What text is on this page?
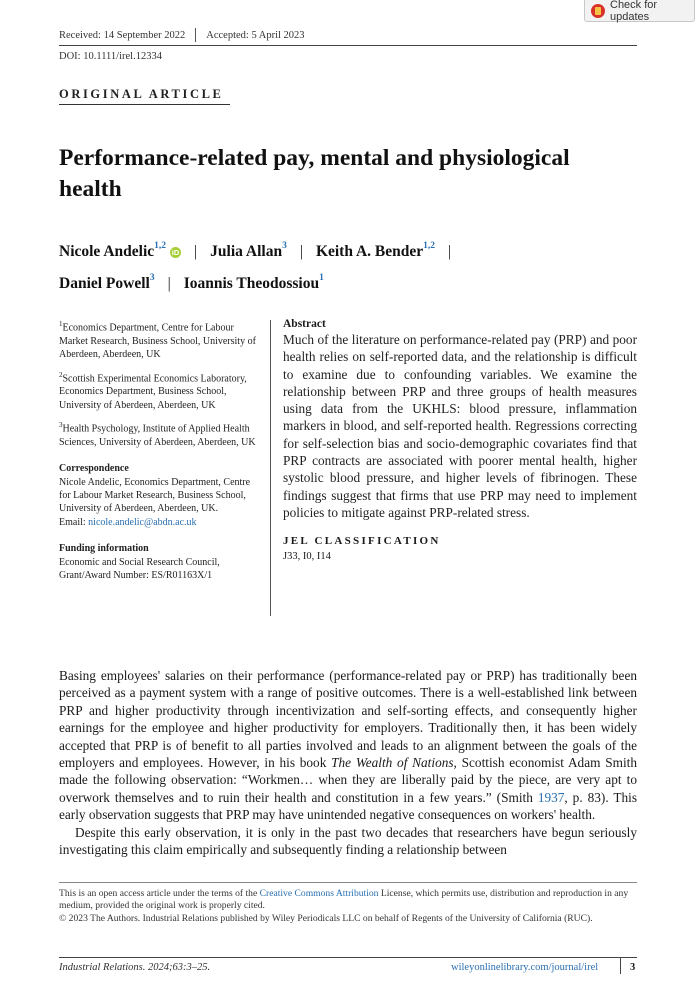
Check for updates
Received: 14 September 2022 Accepted: 5 April 2023
DOI: 10.1111/irel.12334
ORIGINAL ARTICLE
Performance-related pay, mental and physiological health
Nicole Andelic$^{1,2}$iD | Julia Allan$^3$ | Keith A. Bender$^{1,2}$ |
Daniel Powell$^3$ | Ioannis Theodossiou$^1$

$^1$Economics Department, Centre for Labour Market Research, Business School, University of Aberdeen, Aberdeen, UK

$^2$Scottish Experimental Economics Laboratory, Economics Department, Business School, University of Aberdeen, Aberdeen, UK

$^3$Health Psychology, Institute of Applied Health Sciences, University of Aberdeen, Aberdeen, UK

Correspondence
Nicole Andelic, Economics Department, Centre for Labour Market Research, Business School, University of Aberdeen, Aberdeen, UK.
Email: nicole.andelic@abdn.ac.uk
Funding information
Economic and Social Research Council, Grant/Award Number: ES/R01163X/1
Abstract
Much of the literature on performance-related pay (PRP) and poor health relies on self-reported data, and the relationship is difficult to examine due to confounding variables. We examine the relationship between PRP and three groups of health measures using data from the UKHLS: blood pressure, inflammation markers in blood, and self-reported health. Regressions correcting for self-selection bias and socio-demographic covariates find that PRP contracts are associated with poorer mental health, higher systolic blood pressure, and higher levels of fibrinogen. These findings suggest that firms that use PRP may need to implement policies to mitigate against PRP-related stress.
JEL CLASSIFICATION
J33, I0, I14

Basing employees' salaries on their performance (performance-related pay or PRP) has traditionally been perceived as a payment system with a range of positive outcomes. There is a well-established link between PRP and higher productivity through incentivization and self-sorting effects, and consequently higher earnings for the employee and higher productivity for employers. Traditionally then, it has been widely accepted that PRP is of benefit to all parties involved and leads to an alignment between the goals of the employers and employees. However, in his book The Wealth of Nations, Scottish economist Adam Smith made the following observation: “Workmen… when they are liberally paid by the piece, are very apt to overwork themselves and to ruin their health and constitution in a few years.” (Smith 1937, p. 83). This early observation suggests that PRP may have unintended negative consequences on workers' health.

Despite this early observation, it is only in the past two decades that researchers have begun seriously investigating this claim empirically and subsequently finding a relationship between

This is an open access article under the terms of the Creative Commons Attribution License, which permits use, distribution and reproduction in any medium, provided the original work is properly cited.
© 2023 The Authors. Industrial Relations published by Wiley Periodicals LLC on behalf of Regents of the University of California (RUC).
Industrial Relations. 2024;63:3–25.	wileyonlinelibrary.com/journal/irel	3
